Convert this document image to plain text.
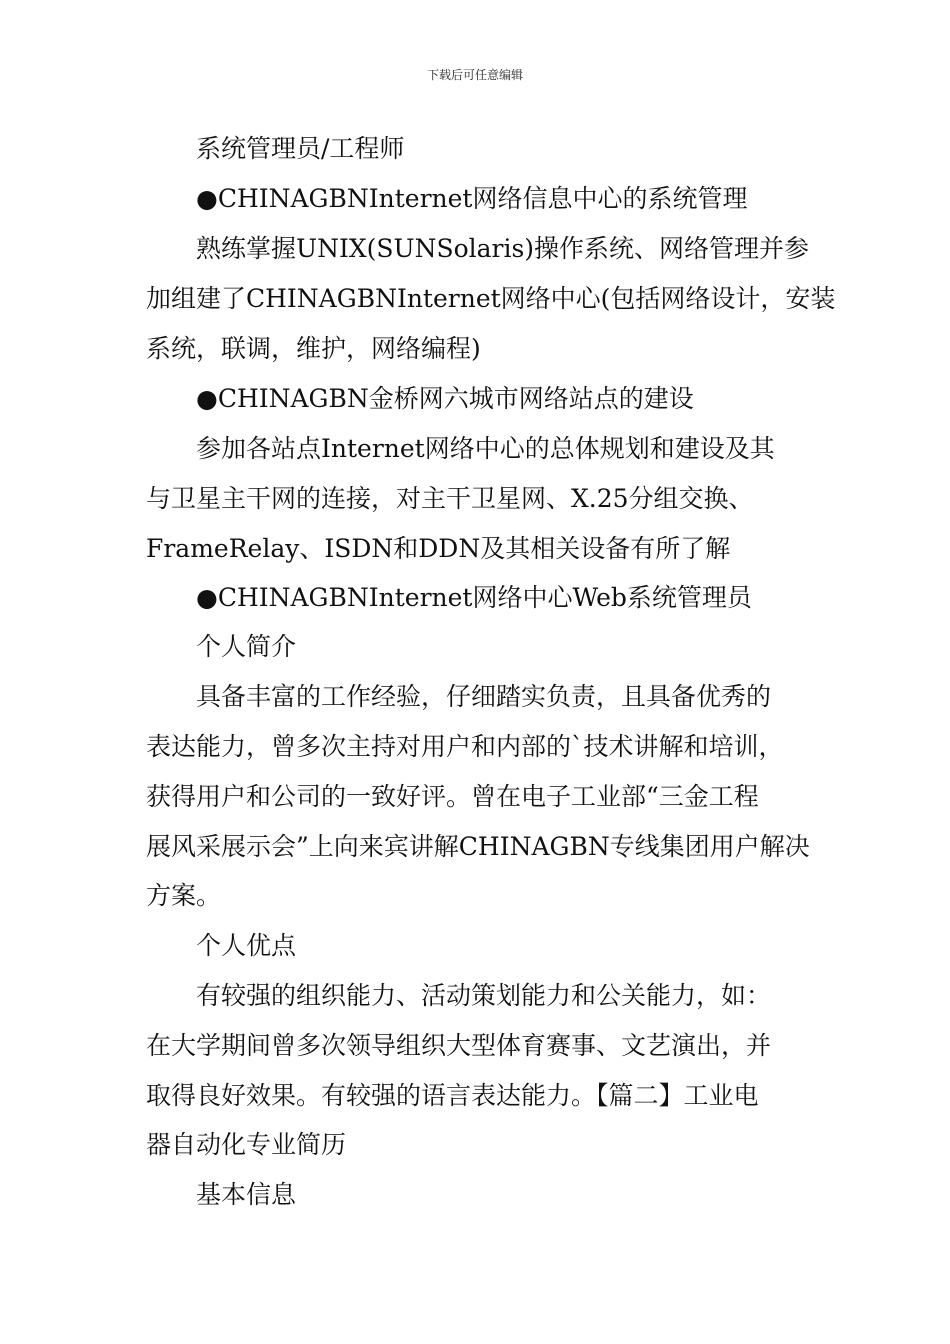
下载后可任意编辑
系统管理员/工程师
●CHINAGBNInternet网络信息中心的系统管理
熟练掌握UNIX(SUNSolaris)操作系统、网络管理并参
加组建了CHINAGBNInternet网络中心(包括网络设计，安装
系统，联调，维护，网络编程)
●CHINAGBN金桥网六城市网络站点的建设
参加各站点Internet网络中心的总体规划和建设及其
与卫星主干网的连接，对主干卫星网、X.25分组交换、
FrameRelay、ISDN和DDN及其相关设备有所了解
●CHINAGBNInternet网络中心Web系统管理员
个人简介
具备丰富的工作经验，仔细踏实负责，且具备优秀的
表达能力，曾多次主持对用户和内部的`技术讲解和培训，
获得用户和公司的一致好评。曾在电子工业部“三金工程
展风采展示会”上向来宾讲解CHINAGBN专线集团用户解决
方案。
个人优点
有较强的组织能力、活动策划能力和公关能力，如：
在大学期间曾多次领导组织大型体育赛事、文艺演出，并
取得良好效果。有较强的语言表达能力。【篇二】工业电
器自动化专业简历
基本信息
